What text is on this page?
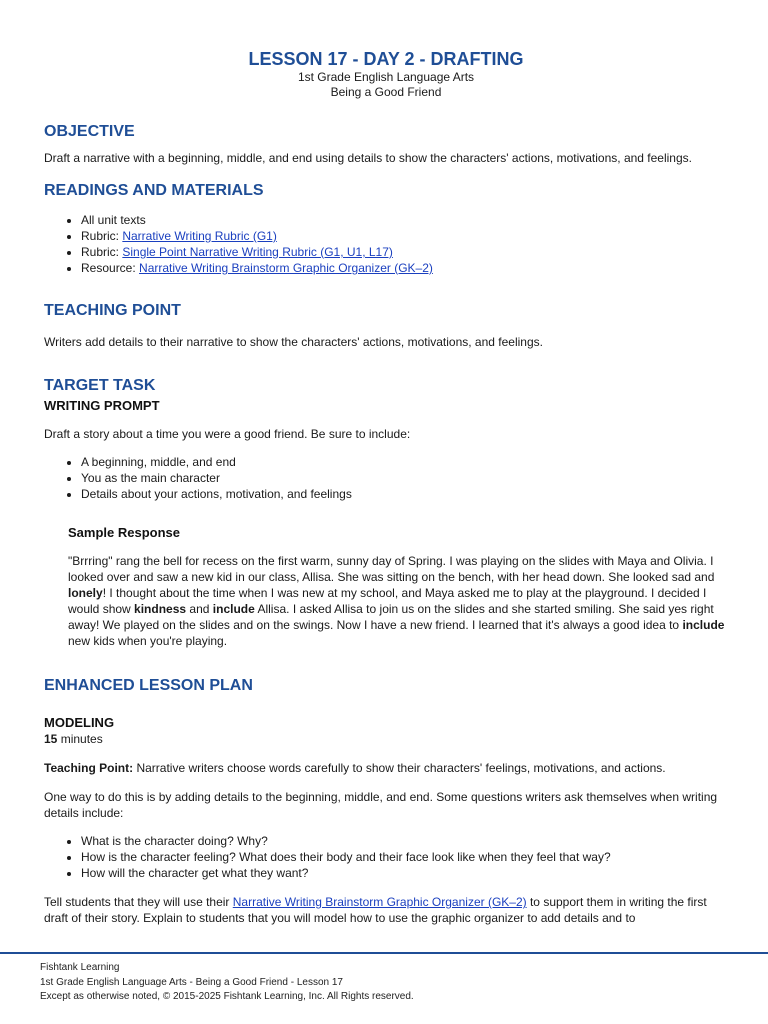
LESSON 17 - DAY 2 - DRAFTING

1st Grade English Language Arts

Being a Good Friend

OBJECTIVE

Draft a narrative with a beginning, middle, and end using details to show the characters' actions, motivations, and feelings.

READINGS AND MATERIALS
• All unit texts
• Rubric: Narrative Writing Rubric (G1)
• Rubric: Single Point Narrative Writing Rubric (G1, U1, L17)
• Resource: Narrative Writing Brainstorm Graphic Organizer (GK–2)
TEACHING POINT

Writers add details to their narrative to show the characters' actions, motivations, and feelings.

TARGET TASK
WRITING PROMPT

Draft a story about a time you were a good friend. Be sure to include:

• A beginning, middle, and end
• You as the main character
• Details about your actions, motivation, and feelings
Sample Response

"Brrring" rang the bell for recess on the first warm, sunny day of Spring. I was playing on the slides with Maya and Olivia. I looked over and saw a new kid in our class, Allisa. She was sitting on the bench, with her head down. She looked sad and lonely! I thought about the time when I was new at my school, and Maya asked me to play at the playground. I decided I would show kindness and include Allisa. I asked Allisa to join us on the slides and she started smiling. She said yes right away! We played on the slides and on the swings. Now I have a new friend. I learned that it's always a good idea to include new kids when you're playing.

ENHANCED LESSON PLAN
MODELING

15 minutes

Teaching Point: Narrative writers choose words carefully to show their characters' feelings, motivations, and actions.

One way to do this is by adding details to the beginning, middle, and end. Some questions writers ask themselves when writing details include:

• What is the character doing? Why?
• How is the character feeling? What does their body and their face look like when they feel that way?
• How will the character get what they want?

Tell students that they will use their Narrative Writing Brainstorm Graphic Organizer (GK–2) to support them in writing the first draft of their story. Explain to students that you will model how to use the graphic organizer to add details and to

Fishtank Learning
1st Grade English Language Arts - Being a Good Friend - Lesson 17
Except as otherwise noted, © 2015-2025 Fishtank Learning, Inc. All Rights reserved.
